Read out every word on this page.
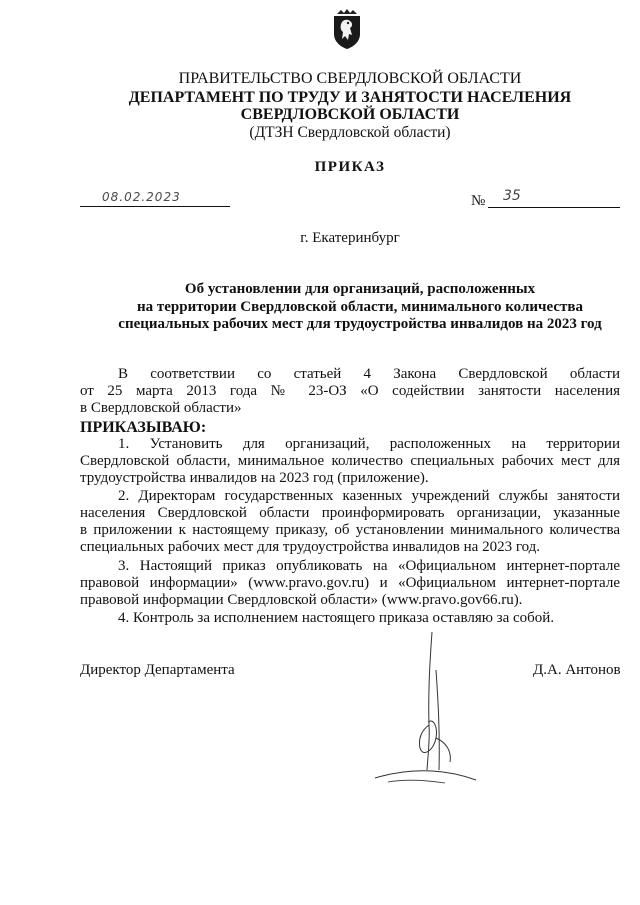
ПРАВИТЕЛЬСТВО СВЕРДЛОВСКОЙ ОБЛАСТИ
ДЕПАРТАМЕНТ ПО ТРУДУ И ЗАНЯТОСТИ НАСЕЛЕНИЯ
СВЕРДЛОВСКОЙ ОБЛАСТИ
(ДТЗН Свердловской области)
ПРИКАЗ
08.02.2023	№ 35
г. Екатеринбург
Об установлении для организаций, расположенных
на территории Свердловской области, минимального количества
специальных рабочих мест для трудоустройства инвалидов на 2023 год
В соответствии со статьей 4 Закона Свердловской области
от 25 марта 2013 года № 23-ОЗ «О содействии занятости населения
в Свердловской области»
ПРИКАЗЫВАЮ:
1. Установить для организаций, расположенных на территории
Свердловской области, минимальное количество специальных рабочих мест для
трудоустройства инвалидов на 2023 год (приложение).
2. Директорам государственных казенных учреждений службы занятости
населения Свердловской области проинформировать организации, указанные
в приложении к настоящему приказу, об установлении минимального количества
специальных рабочих мест для трудоустройства инвалидов на 2023 год.
3. Настоящий приказ опубликовать на «Официальном интернет-портале
правовой информации» (www.pravo.gov.ru) и «Официальном интернет-портале
правовой информации Свердловской области» (www.pravo.gov66.ru).
4. Контроль за исполнением настоящего приказа оставляю за собой.
Директор Департамента	Д.А. Антонов
